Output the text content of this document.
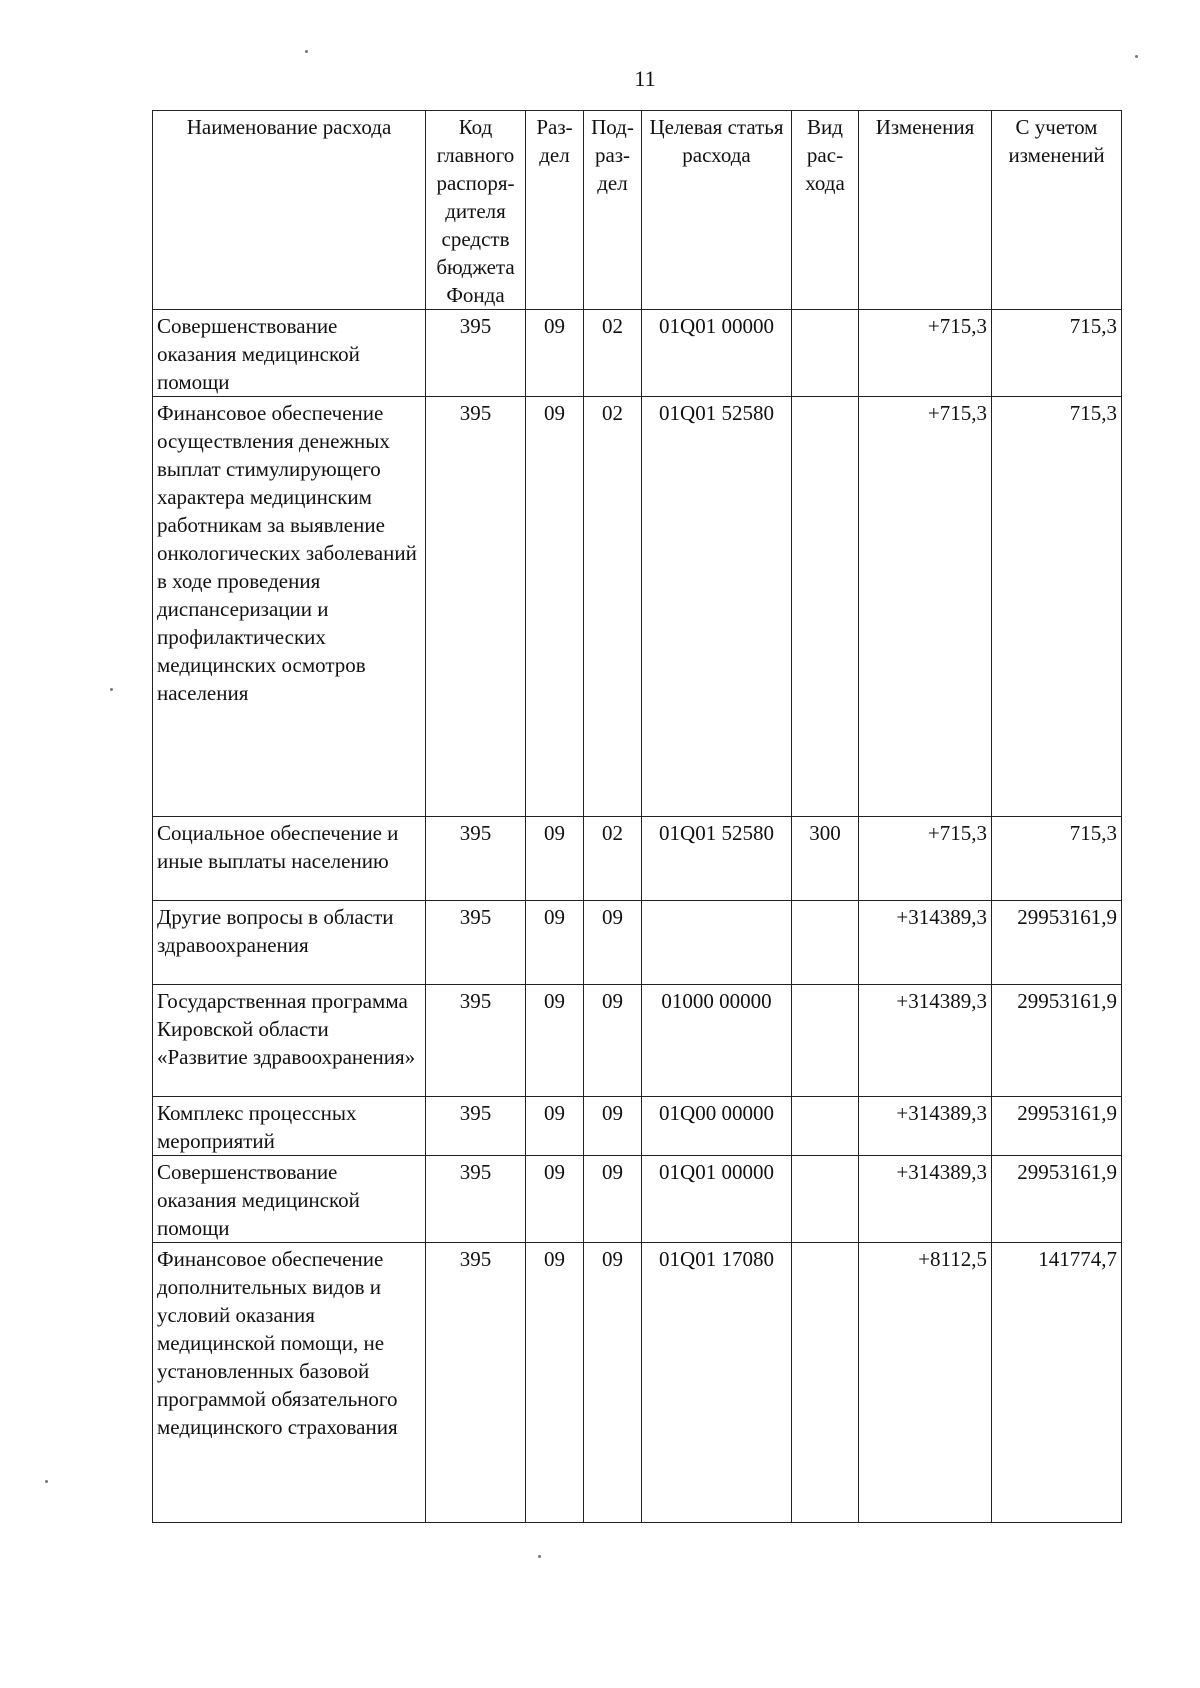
11
Наименование расхода	Код главного распоря-дителя средств бюджета Фонда	Раз-дел	Под-раз-дел	Целевая статья расхода	Вид рас-хода	Изменения	С учетом изменений
Совершенствование оказания медицинской помощи	395	09	02	01Q01 00000		+715,3	715,3
Финансовое обеспечение осуществления денежных выплат стимулирующего характера медицинским работникам за выявление онкологических заболеваний в ходе проведения диспансеризации и профилактических медицинских осмотров населения	395	09	02	01Q01 52580		+715,3	715,3
Социальное обеспечение и иные выплаты населению	395	09	02	01Q01 52580	300	+715,3	715,3
Другие вопросы в области здравоохранения	395	09	09			+314389,3	29953161,9
Государственная программа Кировской области «Развитие здравоохранения»	395	09	09	01000 00000		+314389,3	29953161,9
Комплекс процессных мероприятий	395	09	09	01Q00 00000		+314389,3	29953161,9
Совершенствование оказания медицинской помощи	395	09	09	01Q01 00000		+314389,3	29953161,9
Финансовое обеспечение дополнительных видов и условий оказания медицинской помощи, не установленных базовой программой обязательного медицинского страхования	395	09	09	01Q01 17080		+8112,5	141774,7
